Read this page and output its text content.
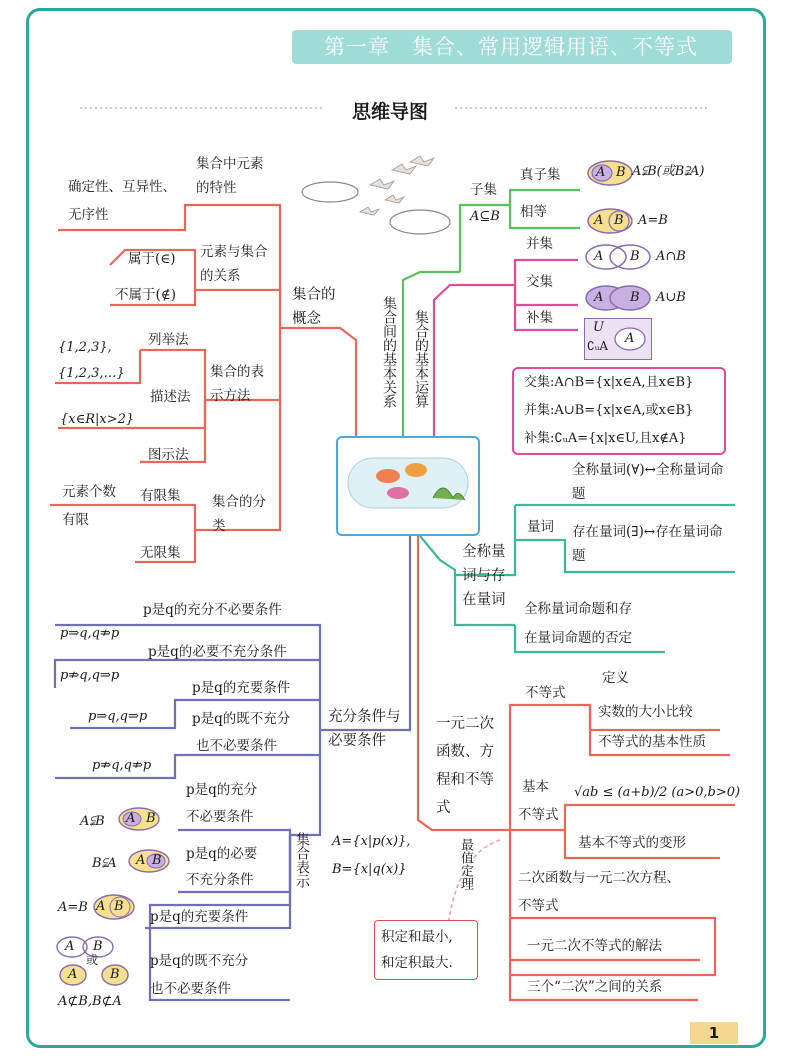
第一章　集合、常用逻辑用语、不等式
思维导图
集合的概念
集合中元素的特性
确定性、互异性、
无序性
元素与集合的关系
属于(∈)
不属于(∉)
集合的表示方法
列举法
{1,2,3},
{1,2,3,…}
描述法
{x∈R|x>2}
图示法
集合的分类
有限集
元素个数
有限
无限集
集合间的基本关系 集合的基本运算
子集
A⊆B
真子集
相等
A B A⫋B(或B⫌A)
A B A=B
并集
交集
补集
A B A∩B
A B A∪B
U
∁ᵤA A
交集:A∩B={x|x∈A,且x∈B}
并集:A∪B={x|x∈A,或x∈B}
补集:∁ᵤA={x|x∈U,且x∉A}
全称量词与存在量词
全称量词(∀)↔全称量词命题
量词 存在量词(∃)↔存在量词命题
全称量词命题和存
在量词命题的否定
充分条件与必要条件
p是q的充分不必要条件
p⇒q,q⇏p
p是q的必要不充分条件
p⇏q,q⇒p
p是q的充要条件
p⇒q,q⇒p	p是q的既不充分
也不必要条件
p⇏q,q⇏p
集合表示 A={x|p(x)},
B={x|q(x)}
p是q的充分
不必要条件
A⫋B A B
p是q的必要
不充分条件
B⫋A A B
p是q的充要条件
A=B A B
p是q的既不充分
也不必要条件
A B
或
A	B
A⊄B,B⊄A
一元二次
函数、方
程和不等
式
不等式
定义
实数的大小比较
不等式的基本性质
基本
不等式
√ab ≤ (a+b)/2 (a>0,b>0)
基本不等式的变形
最值定理
积定和最小,
和定积最大.
二次函数与一元二次方程、
不等式
一元二次不等式的解法
三个“二次”之间的关系
1
